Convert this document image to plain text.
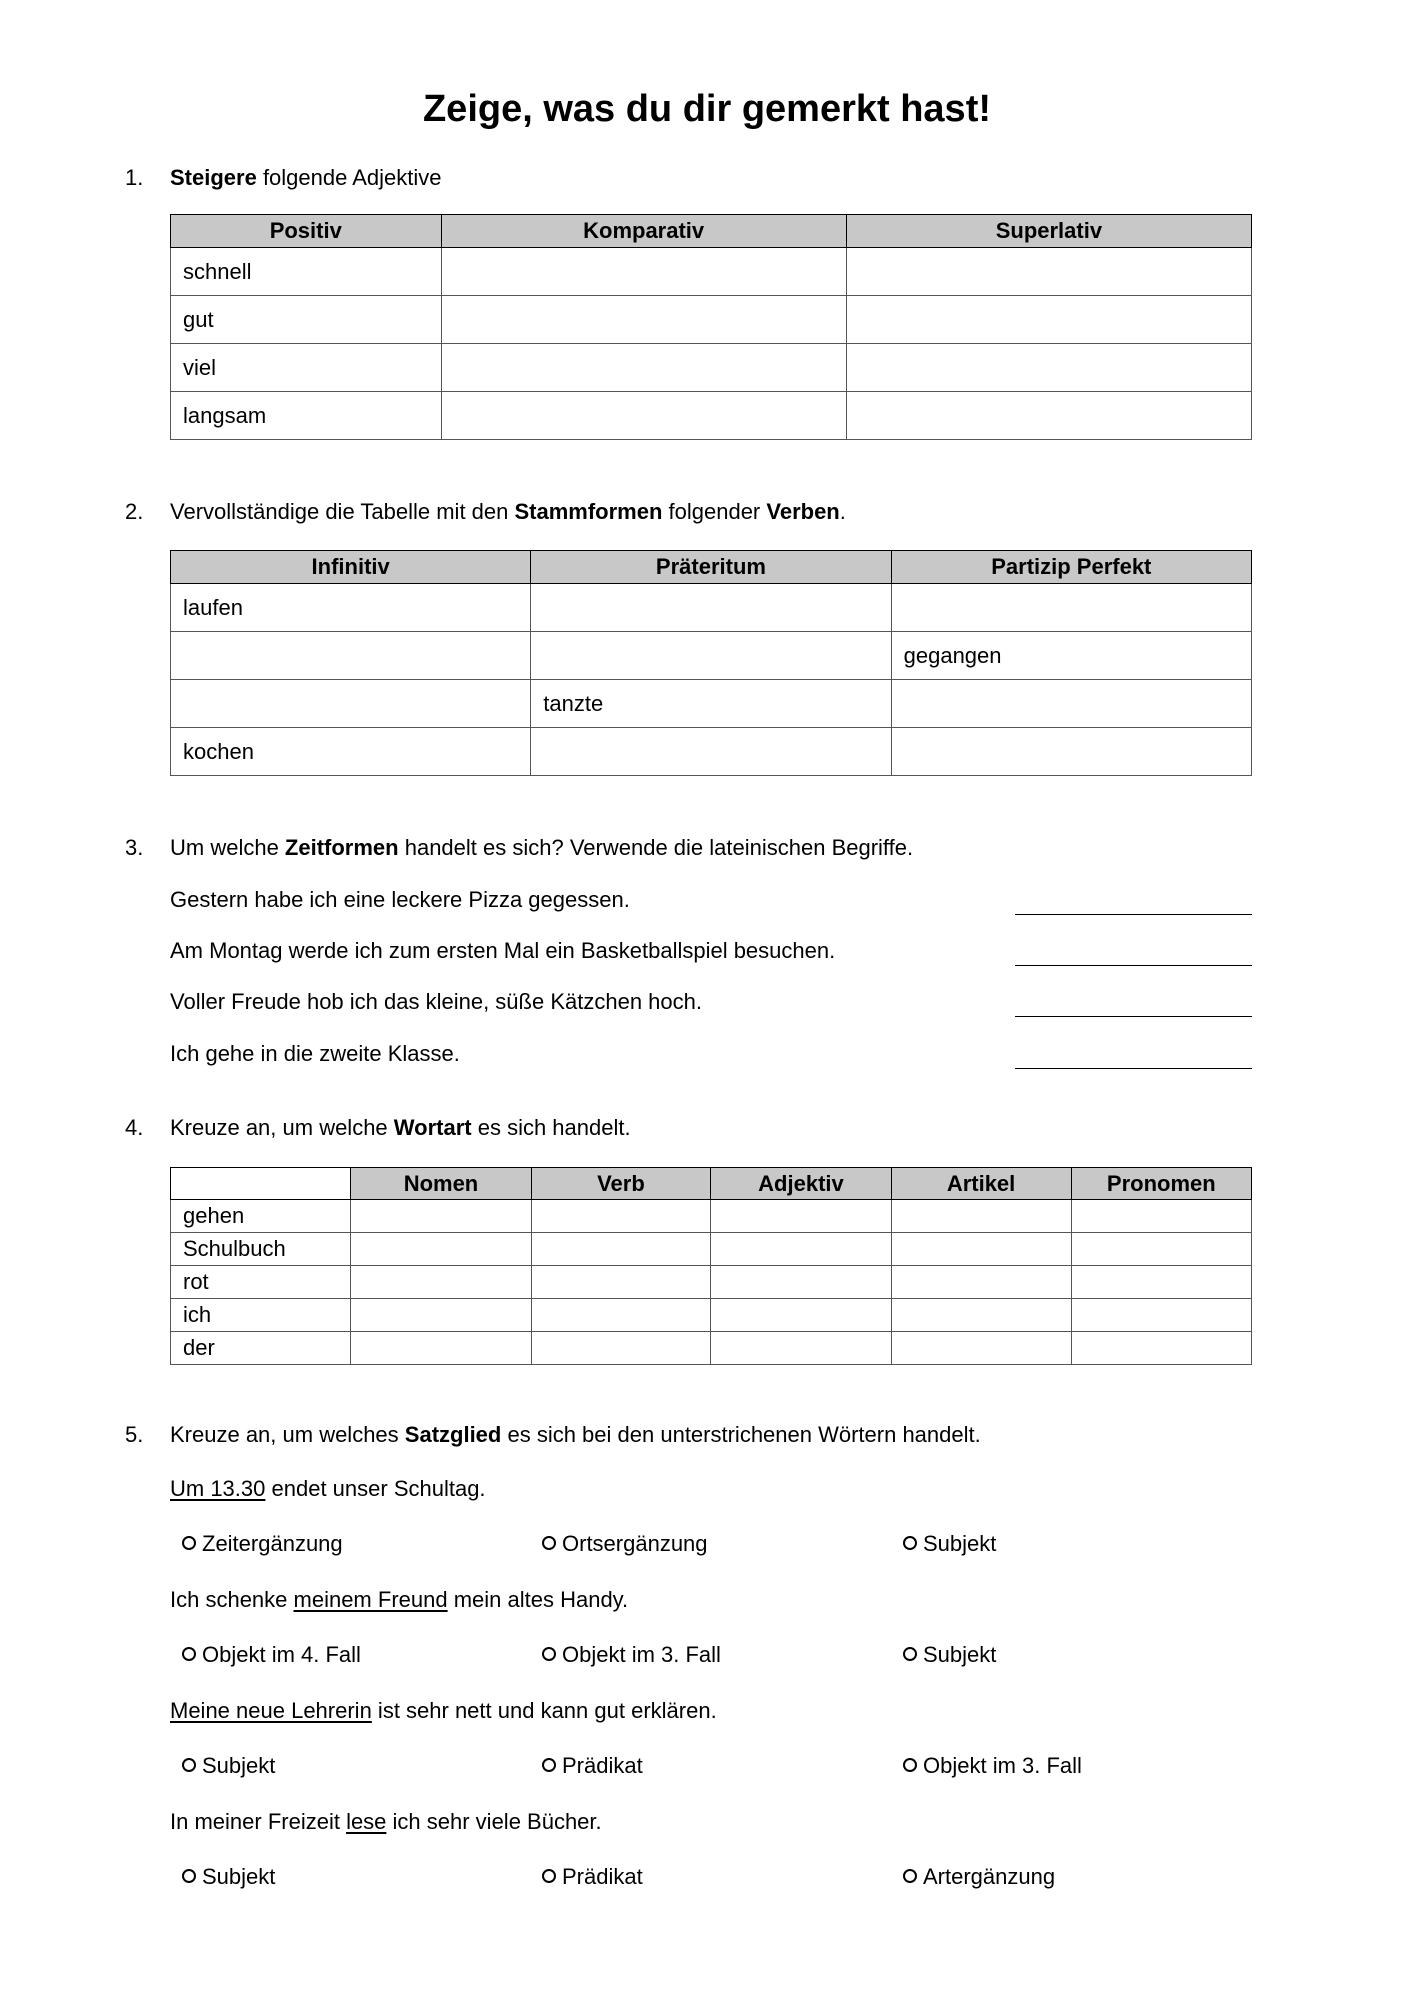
Zeige, was du dir gemerkt hast!
1.	Steigere folgende Adjektive
Positiv	Komparativ	Superlativ
schnell		
gut		
viel		
langsam		
2.	Vervollständige die Tabelle mit den Stammformen folgender Verben.
Infinitiv	Präteritum	Partizip Perfekt
laufen		
		gegangen
	tanzte	
kochen		
3.	Um welche Zeitformen handelt es sich? Verwende die lateinischen Begriffe.
Gestern habe ich eine leckere Pizza gegessen.
Am Montag werde ich zum ersten Mal ein Basketballspiel besuchen.
Voller Freude hob ich das kleine, süße Kätzchen hoch.
Ich gehe in die zweite Klasse.
4.	Kreuze an, um welche Wortart es sich handelt.
	Nomen	Verb	Adjektiv	Artikel	Pronomen
gehen					
Schulbuch					
rot					
ich					
der					
5.	Kreuze an, um welches Satzglied es sich bei den unterstrichenen Wörtern handelt.
Um 13.30 endet unser Schultag.
Zeitergänzung	Ortsergänzung	Subjekt
Ich schenke meinem Freund mein altes Handy.
Objekt im 4. Fall	Objekt im 3. Fall	Subjekt
Meine neue Lehrerin ist sehr nett und kann gut erklären.
Subjekt	Prädikat	Objekt im 3. Fall
In meiner Freizeit lese ich sehr viele Bücher.
Subjekt	Prädikat	Artergänzung
